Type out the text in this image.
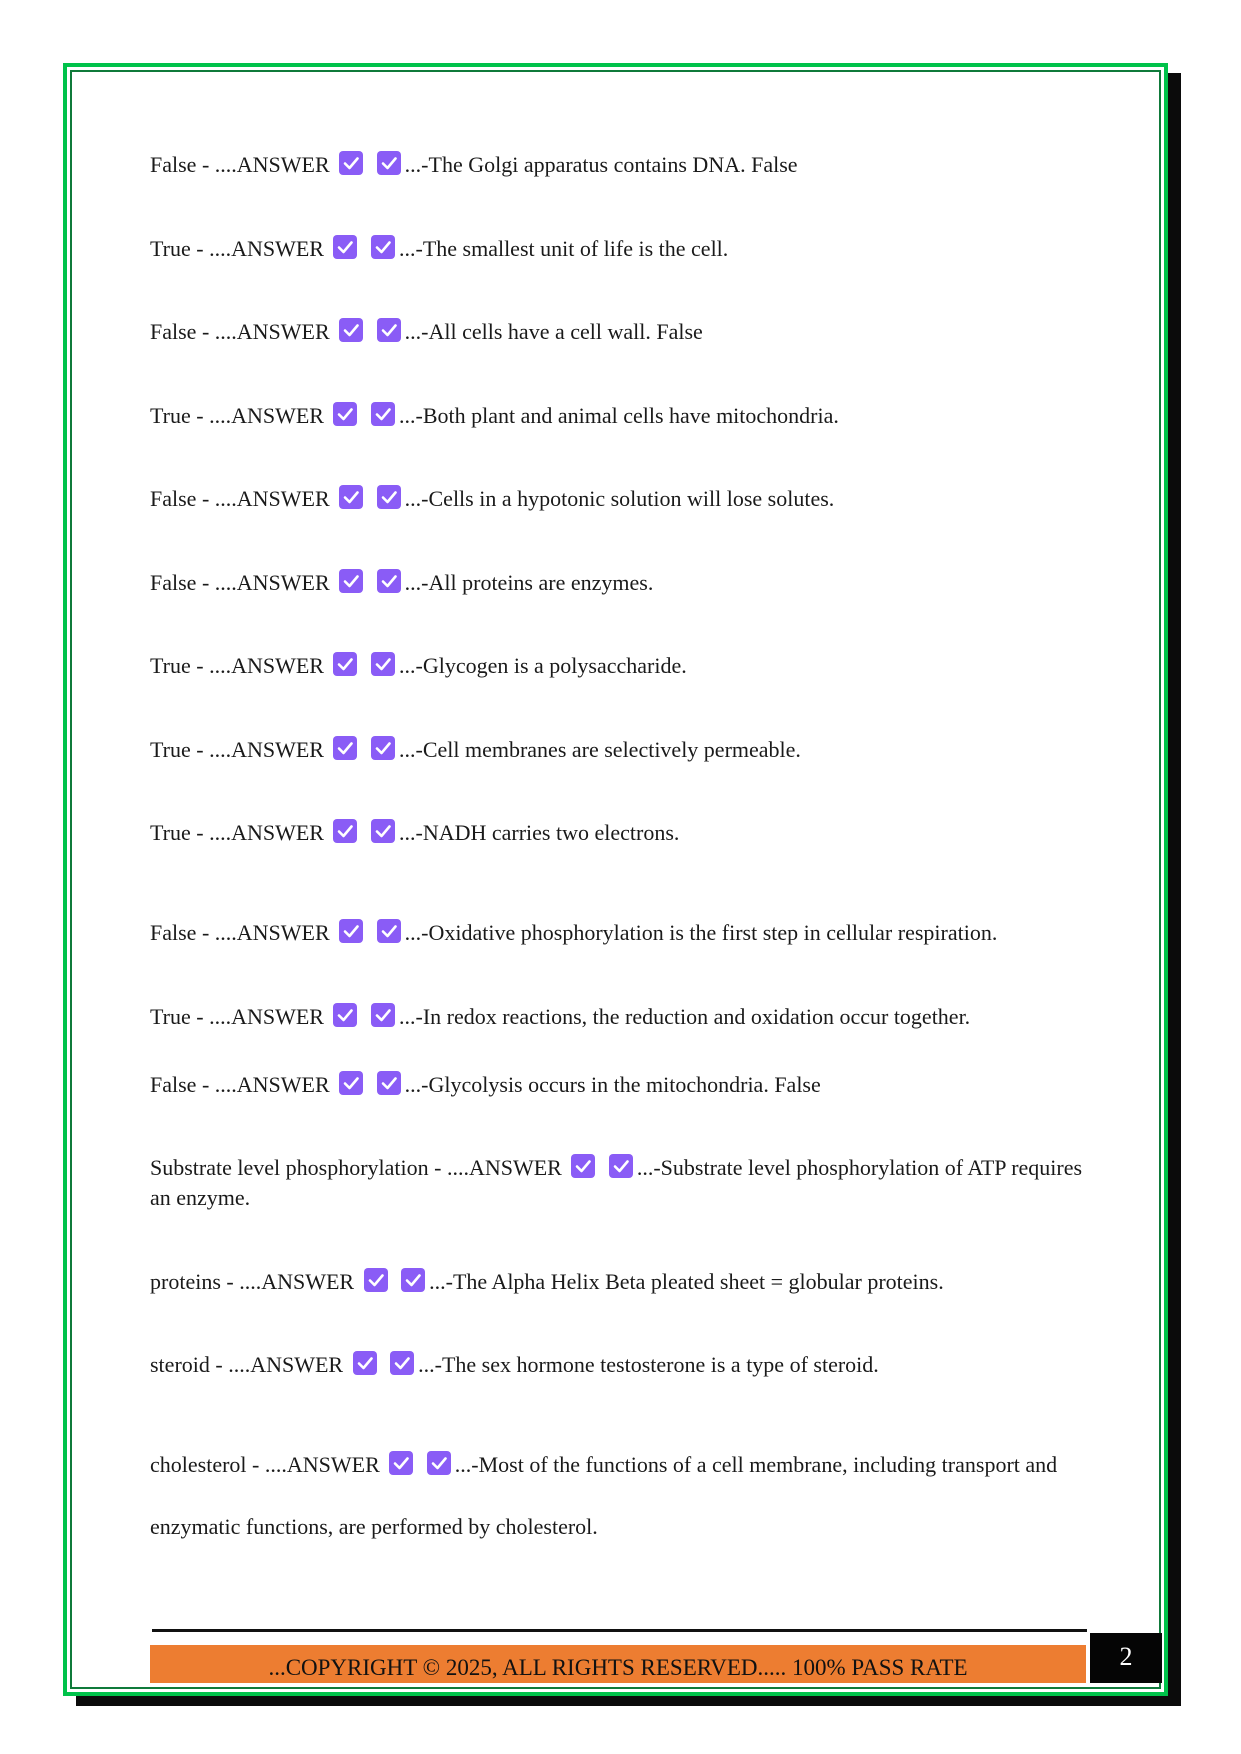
False - ....ANSWER
	...-The Golgi apparatus contains DNA. False
True - ....ANSWER
	...-The smallest unit of life is the cell.
False - ....ANSWER
	...-All cells have a cell wall. False
True - ....ANSWER
	...-Both plant and animal cells have mitochondria.
False - ....ANSWER
	...-Cells in a hypotonic solution will lose solutes.
False - ....ANSWER
	...-All proteins are enzymes.
True - ....ANSWER
	...-Glycogen is a polysaccharide.
True - ....ANSWER
	...-Cell membranes are selectively permeable.
True - ....ANSWER
	...-NADH carries two electrons.
False - ....ANSWER
	...-Oxidative phosphorylation is the first step in cellular respiration.
True - ....ANSWER
	...-In redox reactions, the reduction and oxidation occur together.
False - ....ANSWER
	...-Glycolysis occurs in the mitochondria. False
Substrate level phosphorylation - ....ANSWER
	...-Substrate level phosphorylation of ATP requires an enzyme.
proteins - ....ANSWER
	...-The Alpha Helix Beta pleated sheet = globular proteins.
steroid - ....ANSWER
	...-The sex hormone testosterone is a type of steroid.
cholesterol - ....ANSWER
	...-Most of the functions of a cell membrane, including transport and enzymatic functions, are performed by cholesterol.
...COPYRIGHT © 2025, ALL RIGHTS RESERVED..... 100% PASS RATE	2
